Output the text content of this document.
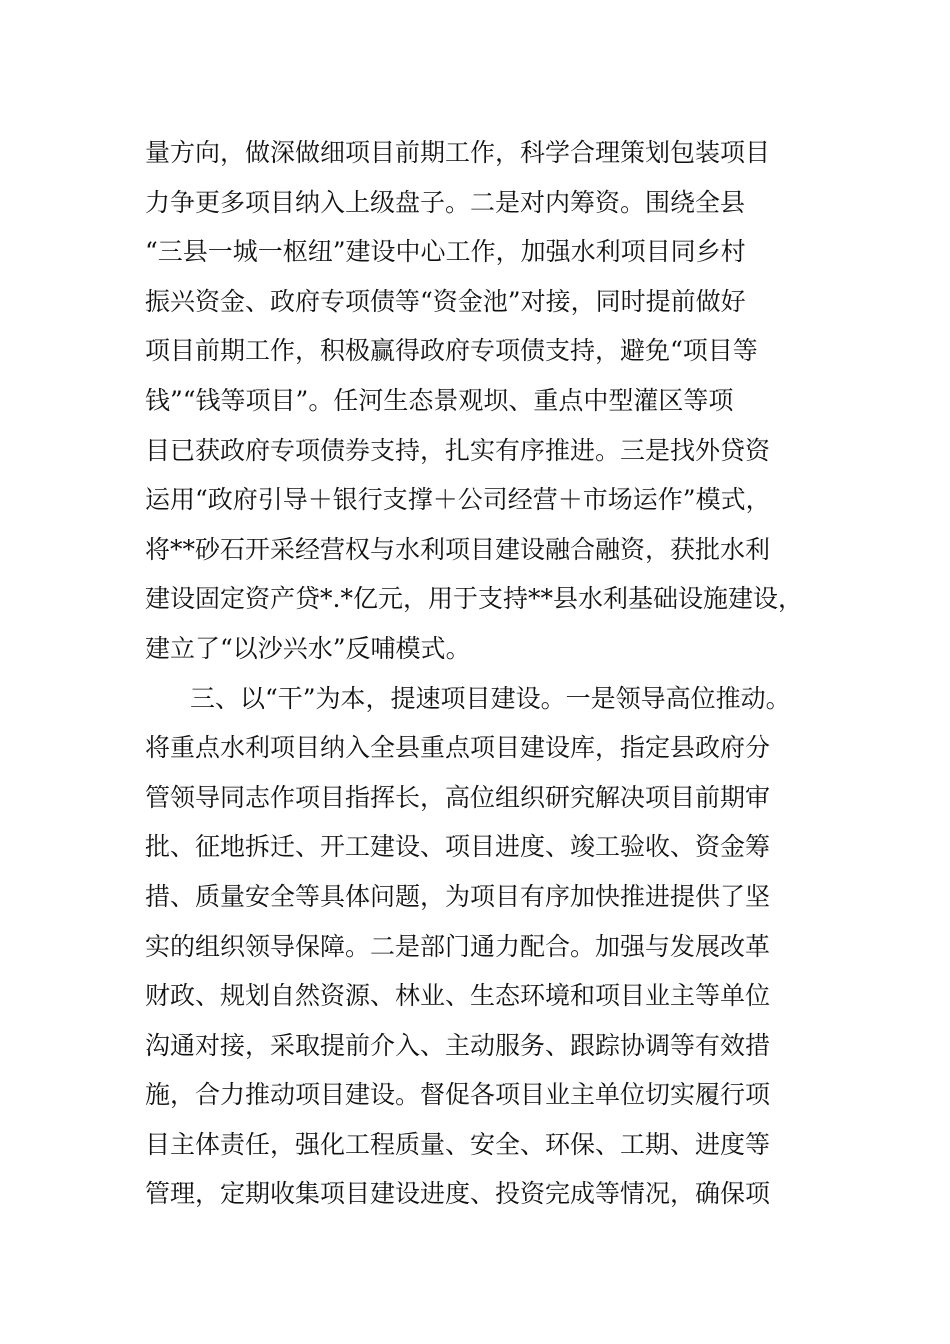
量方向，做深做细项目前期工作，科学合理策划包装项目
力争更多项目纳入上级盘子。二是对内筹资。围绕全县
“三县一城一枢纽”建设中心工作，加强水利项目同乡村
振兴资金、政府专项债等“资金池”对接，同时提前做好
项目前期工作，积极赢得政府专项债支持，避免“项目等
钱”“钱等项目”。任河生态景观坝、重点中型灌区等项
目已获政府专项债券支持，扎实有序推进。三是找外贷资
运用“政府引导＋银行支撑＋公司经营＋市场运作”模式，
将**砂石开采经营权与水利项目建设融合融资，获批水利
建设固定资产贷*.*亿元，用于支持**县水利基础设施建设，
建立了“以沙兴水”反哺模式。
三、以“干”为本，提速项目建设。一是领导高位推动。
将重点水利项目纳入全县重点项目建设库，指定县政府分
管领导同志作项目指挥长，高位组织研究解决项目前期审
批、征地拆迁、开工建设、项目进度、竣工验收、资金筹
措、质量安全等具体问题，为项目有序加快推进提供了坚
实的组织领导保障。二是部门通力配合。加强与发展改革
财政、规划自然资源、林业、生态环境和项目业主等单位
沟通对接，采取提前介入、主动服务、跟踪协调等有效措
施，合力推动项目建设。督促各项目业主单位切实履行项
目主体责任，强化工程质量、安全、环保、工期、进度等
管理，定期收集项目建设进度、投资完成等情况，确保项
